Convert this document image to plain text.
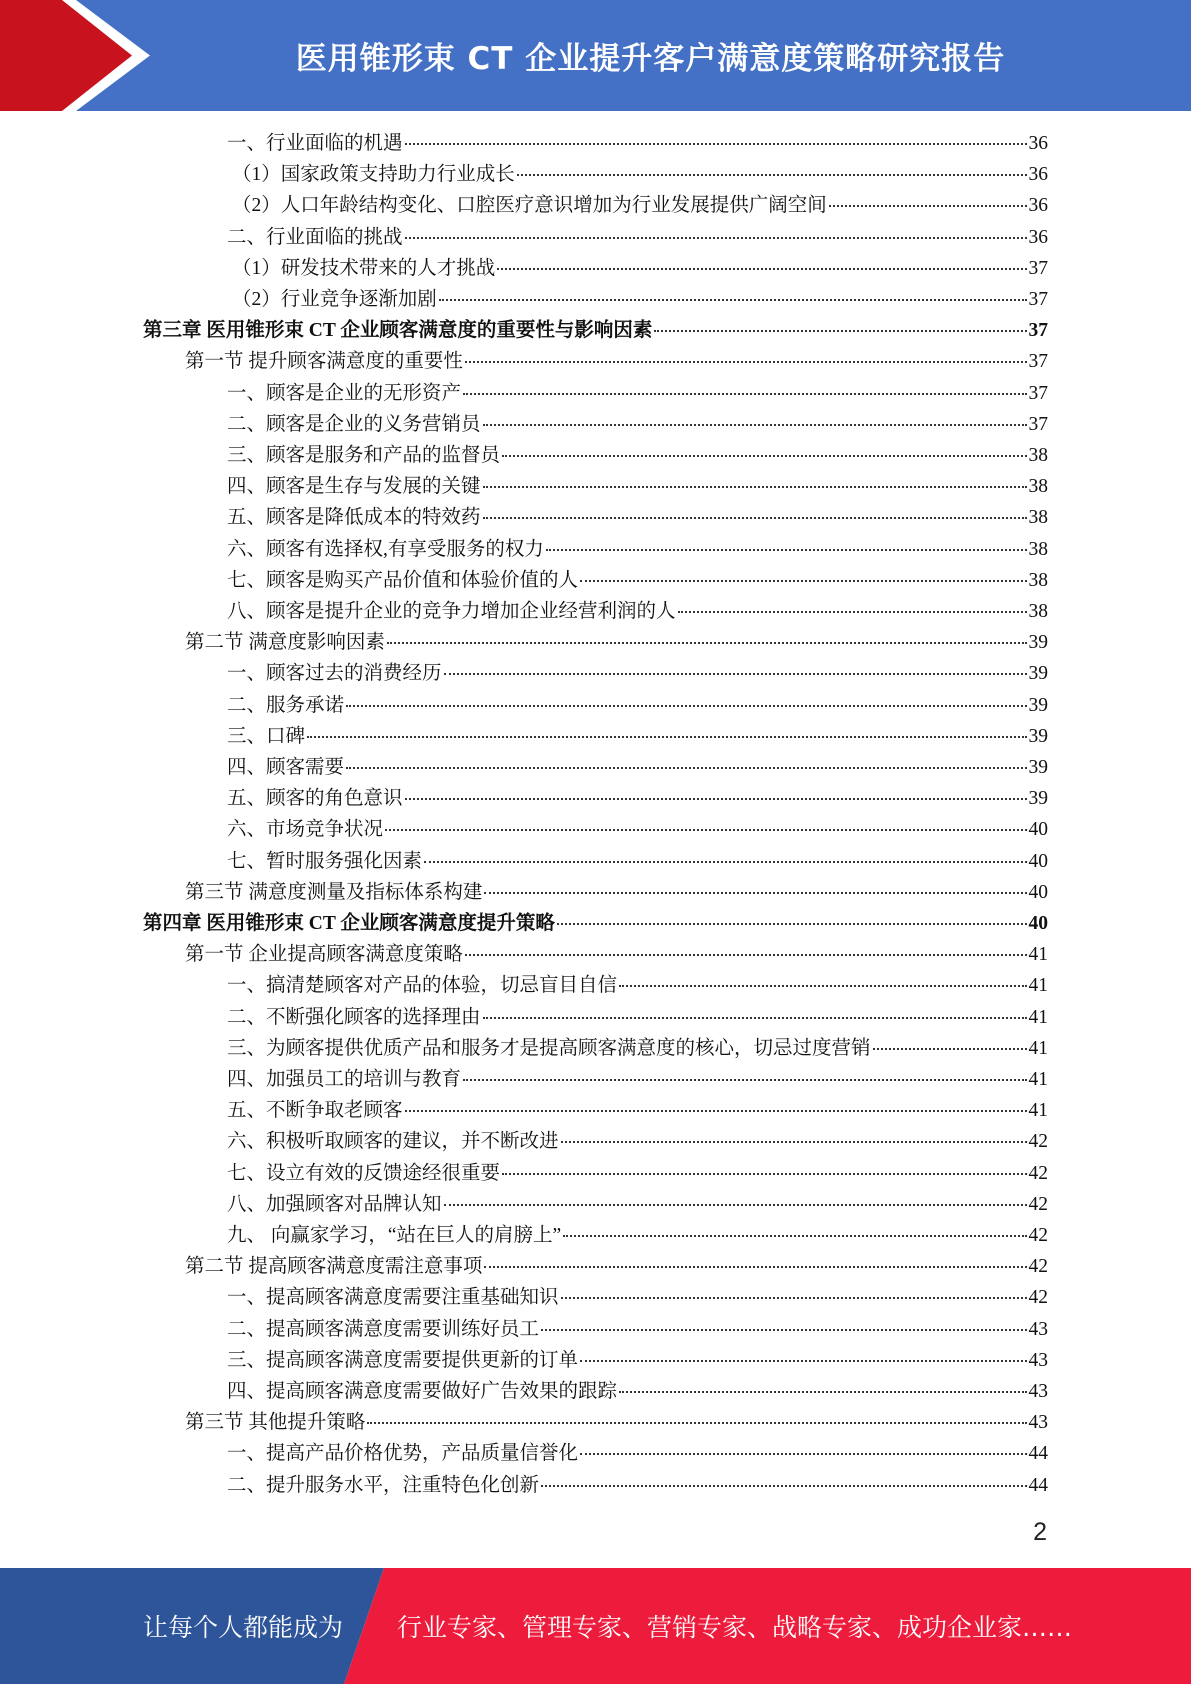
医用锥形束 CT 企业提升客户满意度策略研究报告
一、行业面临的机遇	36
（1）国家政策支持助力行业成长	36
（2）人口年龄结构变化、口腔医疗意识增加为行业发展提供广阔空间	36
二、行业面临的挑战	36
（1）研发技术带来的人才挑战	37
（2）行业竞争逐渐加剧	37
第三章 医用锥形束 CT 企业顾客满意度的重要性与影响因素	37
第一节 提升顾客满意度的重要性	37
一、顾客是企业的无形资产	37
二、顾客是企业的义务营销员	37
三、顾客是服务和产品的监督员	38
四、顾客是生存与发展的关键	38
五、顾客是降低成本的特效药	38
六、顾客有选择权,有享受服务的权力	38
七、顾客是购买产品价值和体验价值的人	38
八、顾客是提升企业的竞争力增加企业经营利润的人	38
第二节 满意度影响因素	39
一、顾客过去的消费经历	39
二、服务承诺	39
三、口碑	39
四、顾客需要	39
五、顾客的角色意识	39
六、市场竞争状况	40
七、暂时服务强化因素	40
第三节 满意度测量及指标体系构建	40
第四章 医用锥形束 CT 企业顾客满意度提升策略	40
第一节 企业提高顾客满意度策略	41
一、搞清楚顾客对产品的体验，切忌盲目自信	41
二、不断强化顾客的选择理由	41
三、为顾客提供优质产品和服务才是提高顾客满意度的核心，切忌过度营销	41
四、加强员工的培训与教育	41
五、不断争取老顾客	41
六、积极听取顾客的建议，并不断改进	42
七、设立有效的反馈途经很重要	42
八、加强顾客对品牌认知	42
九、 向赢家学习，“站在巨人的肩膀上”	42
第二节 提高顾客满意度需注意事项	42
一、提高顾客满意度需要注重基础知识	42
二、提高顾客满意度需要训练好员工	43
三、提高顾客满意度需要提供更新的订单	43
四、提高顾客满意度需要做好广告效果的跟踪	43
第三节 其他提升策略	43
一、提高产品价格优势，产品质量信誉化	44
二、提升服务水平，注重特色化创新	44
2
让每个人都能成为 行业专家、管理专家、营销专家、战略专家、成功企业家……
